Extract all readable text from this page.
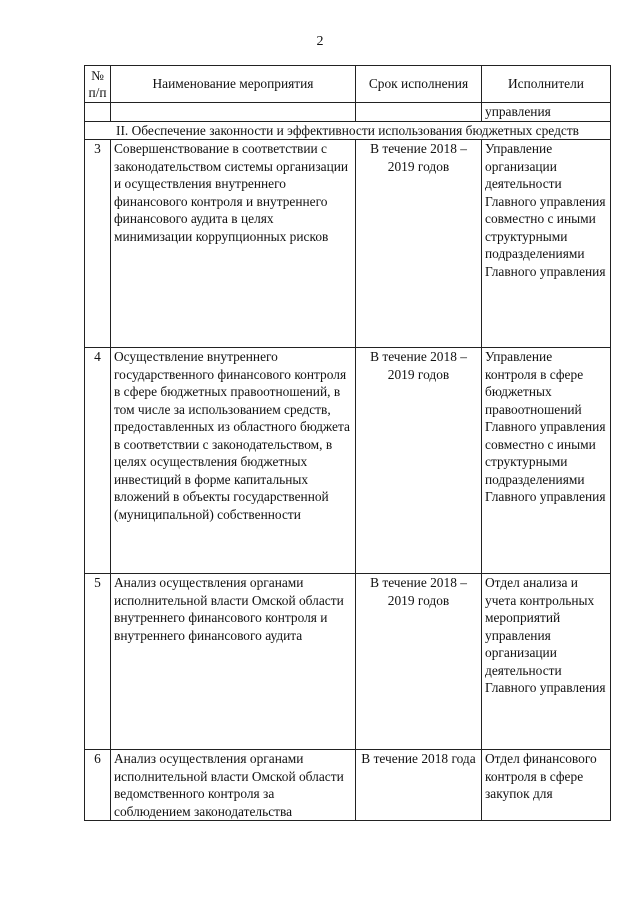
2
№ п/п	Наименование мероприятия	Срок исполнения	Исполнители
			управления
II. Обеспечение законности и эффективности использования бюджетных средств			
3	Совершенствование в соответствии с законодательством системы организации и осуществления внутреннего финансового контроля и внутреннего финансового аудита в целях минимизации коррупционных рисков	В течение 2018 – 2019 годов	Управление организации деятельности Главного управления совместно с иными структурными подразделениями Главного управления
4	Осуществление внутреннего государственного финансового контроля в сфере бюджетных правоотношений, в том числе за использованием средств, предоставленных из областного бюджета в соответствии с законодательством, в целях осуществления бюджетных инвестиций в форме капитальных вложений в объекты государственной (муниципальной) собственности	В течение 2018 – 2019 годов	Управление контроля в сфере бюджетных правоотношений Главного управления совместно с иными структурными подразделениями Главного управления
5	Анализ осуществления органами исполнительной власти Омской области внутреннего финансового контроля и внутреннего финансового аудита	В течение 2018 – 2019 годов	Отдел анализа и учета контрольных мероприятий управления организации деятельности Главного управления
6	Анализ осуществления органами исполнительной власти Омской области ведомственного контроля за соблюдением законодательства	В течение 2018 года	Отдел финансового контроля в сфере закупок для
